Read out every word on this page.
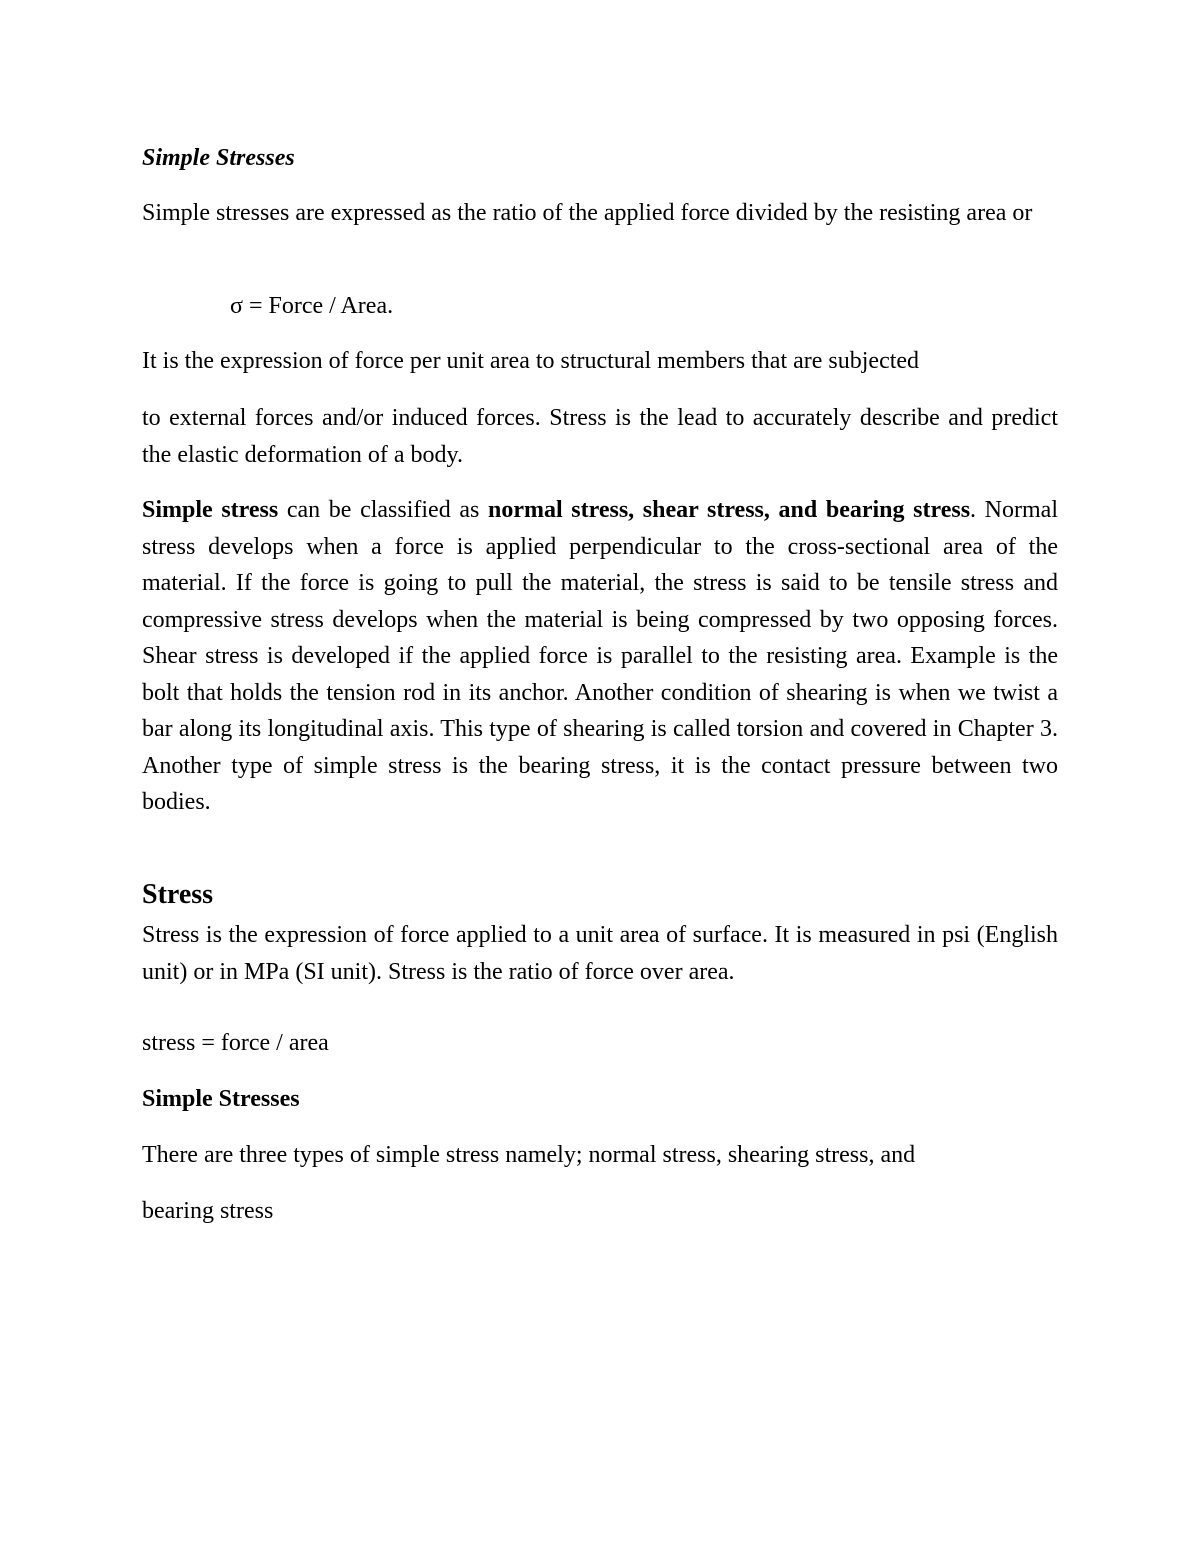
Simple Stresses

Simple stresses are expressed as the ratio of the applied force divided by the resisting area or

σ = Force / Area.

It is the expression of force per unit area to structural members that are subjected

to external forces and/or induced forces. Stress is the lead to accurately describe and predict the elastic deformation of a body.

Simple stress can be classified as normal stress, shear stress, and bearing stress. Normal stress develops when a force is applied perpendicular to the cross-sectional area of the material. If the force is going to pull the material, the stress is said to be tensile stress and compressive stress develops when the material is being compressed by two opposing forces. Shear stress is developed if the applied force is parallel to the resisting area. Example is the bolt that holds the tension rod in its anchor. Another condition of shearing is when we twist a bar along its longitudinal axis. This type of shearing is called torsion and covered in Chapter 3. Another type of simple stress is the bearing stress, it is the contact pressure between two bodies.

Stress

Stress is the expression of force applied to a unit area of surface. It is measured in psi (English unit) or in MPa (SI unit). Stress is the ratio of force over area.

stress = force / area

Simple Stresses

There are three types of simple stress namely; normal stress, shearing stress, and

bearing stress
